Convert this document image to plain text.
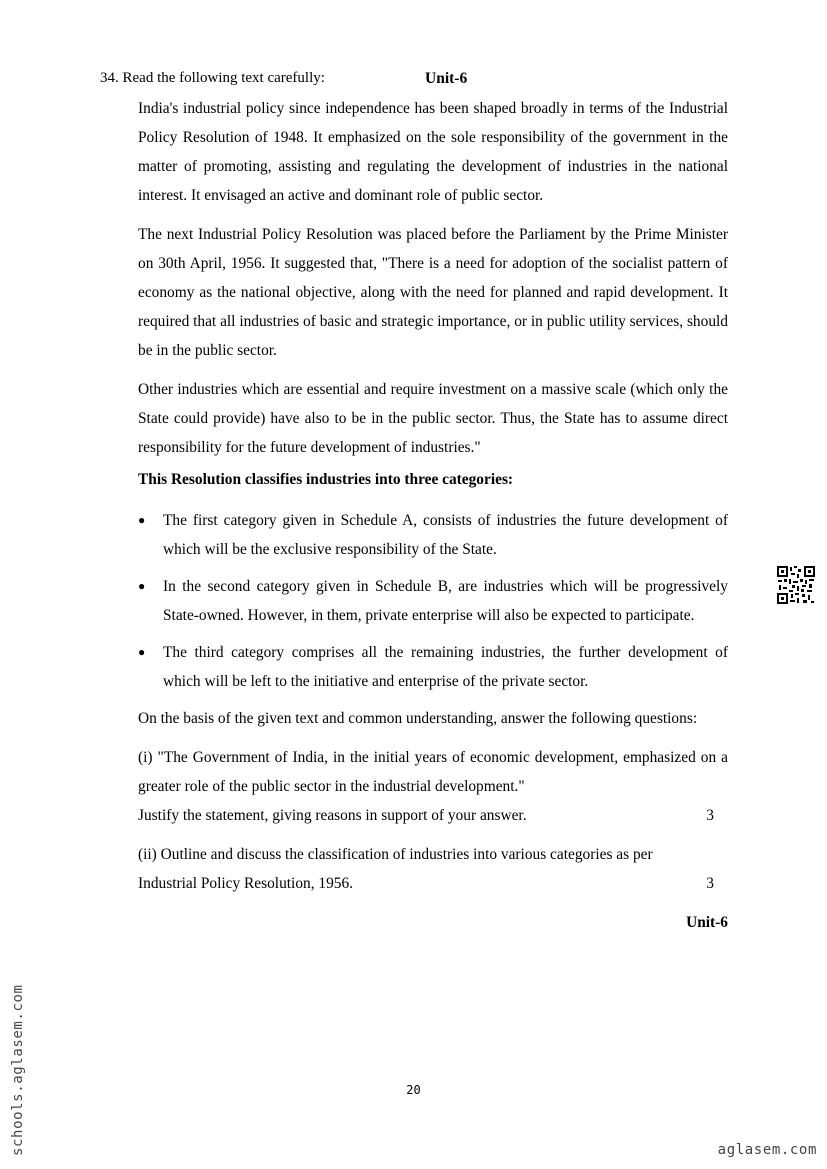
34. Read the following text carefully:	Unit-6

India's industrial policy since independence has been shaped broadly in terms of the Industrial Policy Resolution of 1948. It emphasized on the sole responsibility of the government in the matter of promoting, assisting and regulating the development of industries in the national interest. It envisaged an active and dominant role of public sector.

The next Industrial Policy Resolution was placed before the Parliament by the Prime Minister on 30th April, 1956. It suggested that, "There is a need for adoption of the socialist pattern of economy as the national objective, along with the need for planned and rapid development. It required that all industries of basic and strategic importance, or in public utility services, should be in the public sector.

Other industries which are essential and require investment on a massive scale (which only the State could provide) have also to be in the public sector. Thus, the State has to assume direct responsibility for the future development of industries."

This Resolution classifies industries into three categories:

● The first category given in Schedule A, consists of industries the future development of which will be the exclusive responsibility of the State.
● In the second category given in Schedule B, are industries which will be progressively State-owned. However, in them, private enterprise will also be expected to participate.
● The third category comprises all the remaining industries, the further development of which will be left to the initiative and enterprise of the private sector.

On the basis of the given text and common understanding, answer the following questions:

(i) "The Government of India, in the initial years of economic development, emphasized on a greater role of the public sector in the industrial development."
Justify the statement, giving reasons in support of your answer.	3
(ii) Outline and discuss the classification of industries into various categories as per
Industrial Policy Resolution, 1956.	3
Unit-6
20
schools.aglasem.com	aglasem.com
